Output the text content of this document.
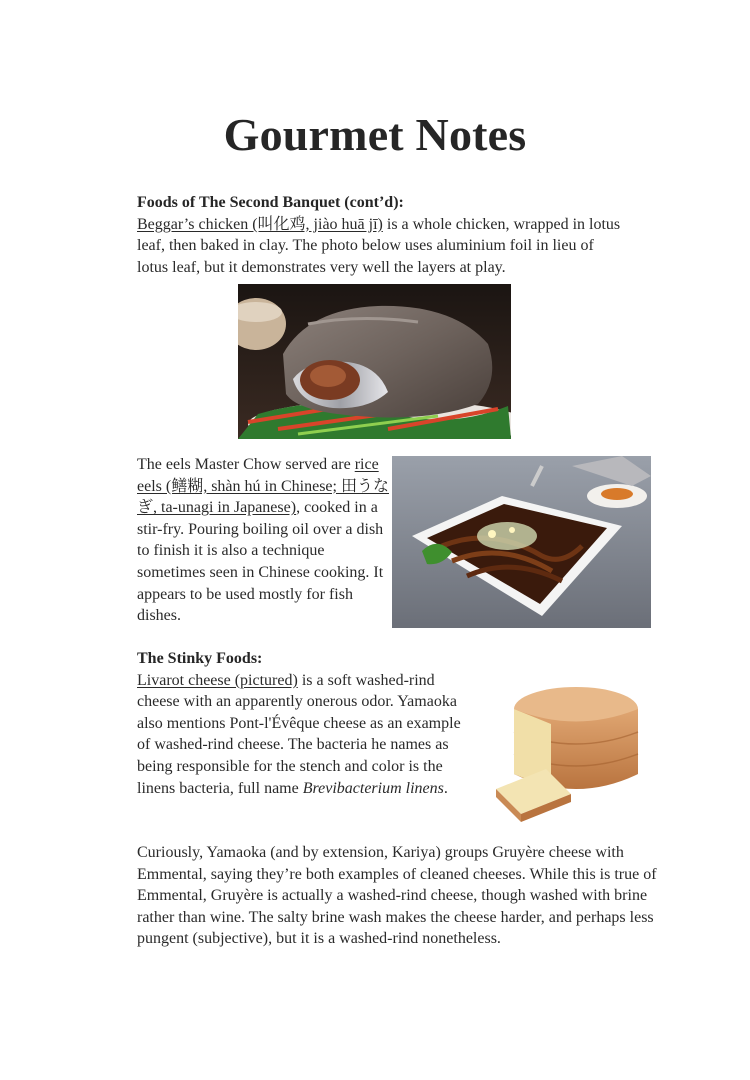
Gourmet Notes
Foods of The Second Banquet (cont’d):
Beggar’s chicken (叫化鸡, jiào huā jī) is a whole chicken, wrapped in lotus leaf, then baked in clay. The photo below uses aluminium foil in lieu of lotus leaf, but it demonstrates very well the layers at play.
The eels Master Chow served are rice eels (鳝糊, shàn hú in Chinese; 田うなぎ, ta-unagi in Japanese), cooked in a stir-fry. Pouring boiling oil over a dish to finish it is also a technique sometimes seen in Chinese cooking. It appears to be used mostly for fish dishes.
The Stinky Foods:
Livarot cheese (pictured) is a soft washed-rind cheese with an apparently onerous odor. Yamaoka also mentions Pont-l'Évêque cheese as an example of washed-rind cheese. The bacteria he names as being responsible for the stench and color is the linens bacteria, full name Brevibacterium linens.
Curiously, Yamaoka (and by extension, Kariya) groups Gruyère cheese with Emmental, saying they’re both examples of cleaned cheeses. While this is true of Emmental, Gruyère is actually a washed-rind cheese, though washed with brine rather than wine. The salty brine wash makes the cheese harder, and perhaps less pungent (subjective), but it is a washed-rind nonetheless.
